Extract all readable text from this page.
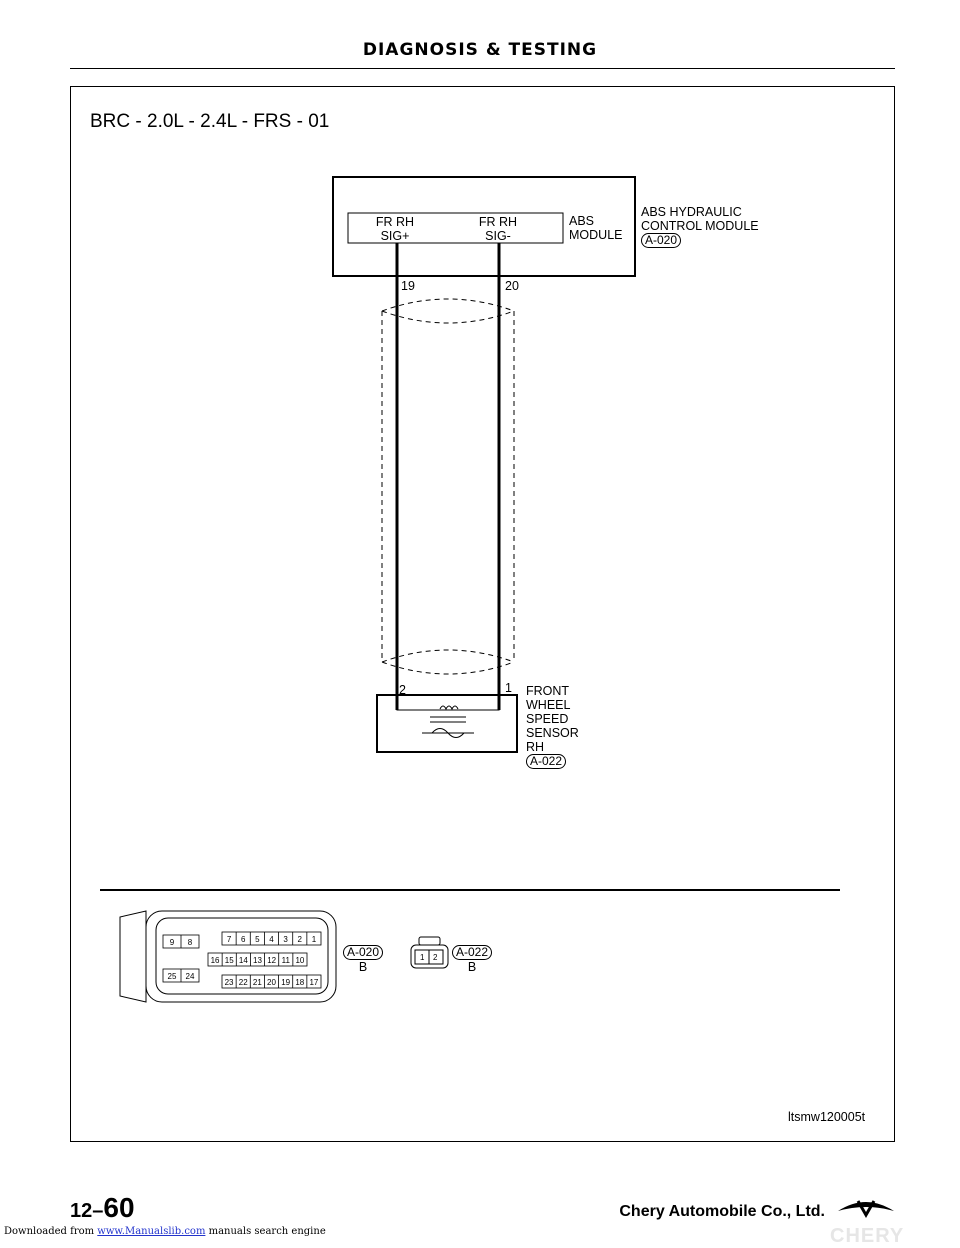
DIAGNOSIS & TESTING
BRC - 2.0L - 2.4L - FRS - 01
7 6 5 4 3 2 1
16 15 14 13 12 11 10
23 22 21 20 19 18 17
9 8
25 24
1 2
FR RH
SIG+
FR RH
SIG-
ABS
MODULE
ABS HYDRAULIC
CONTROL MODULE
A-020
19	20
2	1 FRONT
WHEEL
SPEED
SENSOR
RH
A-022
A-020
B
A-022
B
ltsmw120005t
12–60	Chery Automobile Co., Ltd.
CHERY
Downloaded from www.Manualslib.com manuals search engine
